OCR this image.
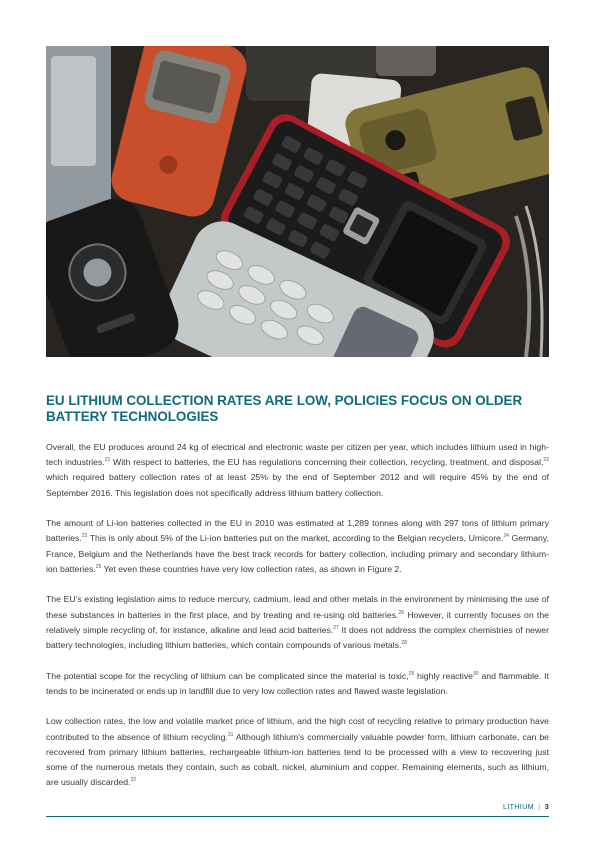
EU LITHIUM COLLECTION RATES ARE LOW, POLICIES FOCUS ON OLDER BATTERY TECHNOLOGIES

Overall, the EU produces around 24 kg of electrical and electronic waste per citizen per year, which includes lithium used in high-tech industries.$^{21}$ With respect to batteries, the EU has regulations concerning their collection, recycling, treatment, and disposal,$^{22}$ which required battery collection rates of at least 25% by the end of September 2012 and will require 45% by the end of September 2016. This legislation does not specifically address lithium battery collection.

The amount of Li-ion batteries collected in the EU in 2010 was estimated at 1,289 tonnes along with 297 tons of lithium primary batteries.$^{23}$ This is only about 5% of the Li-ion batteries put on the market, according to the Belgian recyclers, Umicore.$^{24}$ Germany, France, Belgium and the Netherlands have the best track records for battery collection, including primary and secondary lithium-ion batteries.$^{25}$ Yet even these countries have very low collection rates, as shown in Figure 2.

The EU's existing legislation aims to reduce mercury, cadmium, lead and other metals in the environment by minimising the use of these substances in batteries in the first place, and by treating and re-using old batteries.$^{26}$ However, it currently focuses on the relatively simple recycling of, for instance, alkaline and lead acid batteries.$^{27}$ It does not address the complex chemistries of newer battery technologies, including lithium batteries, which contain compounds of various metals.$^{28}$

The potential scope for the recycling of lithium can be complicated since the material is toxic,$^{29}$ highly reactive$^{30}$ and flammable. It tends to be incinerated or ends up in landfill due to very low collection rates and flawed waste legislation.

Low collection rates, the low and volatile market price of lithium, and the high cost of recycling relative to primary production have contributed to the absence of lithium recycling.$^{31}$ Although lithium's commercially valuable powder form, lithium carbonate, can be recovered from primary lithium batteries, rechargeable lithium-ion batteries tend to be processed with a view to recovering just some of the numerous metals they contain, such as cobalt, nickel, aluminium and copper. Remaining elements, such as lithium, are usually discarded.$^{32}$

LITHIUM | 3
